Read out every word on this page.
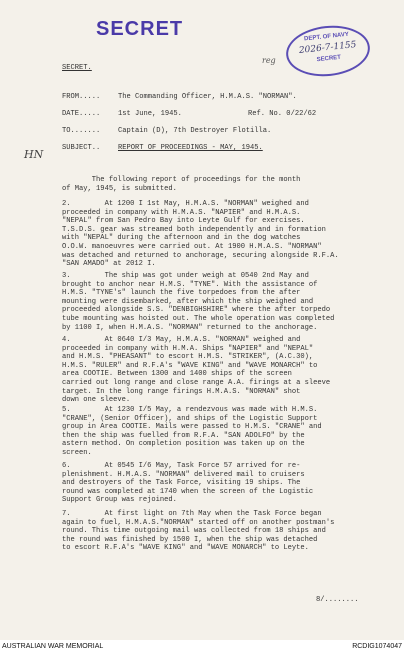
SECRET	DEPT. OF NAVY
2026-7-1155
SECRET
reg
HN
SECRET.
FROM..... The Commanding Officer, H.M.A.S. "NORMAN".
DATE..... 1st June, 1945.	Ref. No. 0/22/62
TO....... Captain (D), 7th Destroyer Flotilla.
SUBJECT.. REPORT OF PROCEEDINGS - MAY, 1945.
The following report of proceedings for the month
of May, 1945, is submitted.
2.        At 1200 I 1st May, H.M.A.S. "NORMAN" weighed and
proceeded in company with H.M.A.S. "NAPIER" and H.M.A.S.
"NEPAL" from San Pedro Bay into Leyte Gulf for exercises.
T.S.D.S. gear was streamed both independently and in formation
with "NEPAL" during the afternoon and in the dog watches
O.O.W. manoeuvres were carried out. At 1900 H.M.A.S. "NORMAN"
was detached and returned to anchorage, securing alongside R.F.A.
"SAN AMADO" at 2012 I.
3.        The ship was got under weigh at 0540 2nd May and
brought to anchor near H.M.S. "TYNE". With the assistance of
H.M.S. "TYNE's" launch the five torpedoes from the after
mounting were disembarked, after which the ship weighed and
proceeded alongside S.S. "DENBIGHSHIRE" where the after torpedo
tube mounting was hoisted out. The whole operation was completed
by 1100 I, when H.M.A.S. "NORMAN" returned to the anchorage.
4.        At 0640 I/3 May, H.M.A.S. "NORMAN" weighed and
proceeded in company with H.M.A. Ships "NAPIER" and "NEPAL"
and H.M.S. "PHEASANT" to escort H.M.S. "STRIKER", (A.C.30),
H.M.S. "RULER" and R.F.A's "WAVE KING" and "WAVE MONARCH" to
area COOTIE. Between 1300 and 1400 ships of the screen
carried out long range and close range A.A. firings at a sleeve
target. In the long range firings H.M.A.S. "NORMAN" shot
down one sleeve.
5.        At 1230 I/5 May, a rendezvous was made with H.M.S.
"CRANE", (Senior Officer), and ships of the Logistic Support
group in Area COOTIE. Mails were passed to H.M.S. "CRANE" and
then the ship was fuelled from R.F.A. "SAN ADOLFO" by the
astern method. On completion position was taken up on the
screen.
6.        At 0545 I/6 May, Task Force 57 arrived for re-
plenishment. H.M.A.S. "NORMAN" delivered mail to cruisers
and destroyers of the Task Force, visiting 19 ships. The
round was completed at 1740 when the screen of the Logistic
Support Group was rejoined.
7.        At first light on 7th May when the Task Force began
again to fuel, H.M.A.S."NORMAN" started off on another postman's
round. This time outgoing mail was collected from 18 ships and
the round was finished by 1500 I, when the ship was detached
to escort R.F.A's "WAVE KING" and "WAVE MONARCH" to Leyte.
8/........
AUSTRALIAN WAR MEMORIAL	RCDIG1074047
